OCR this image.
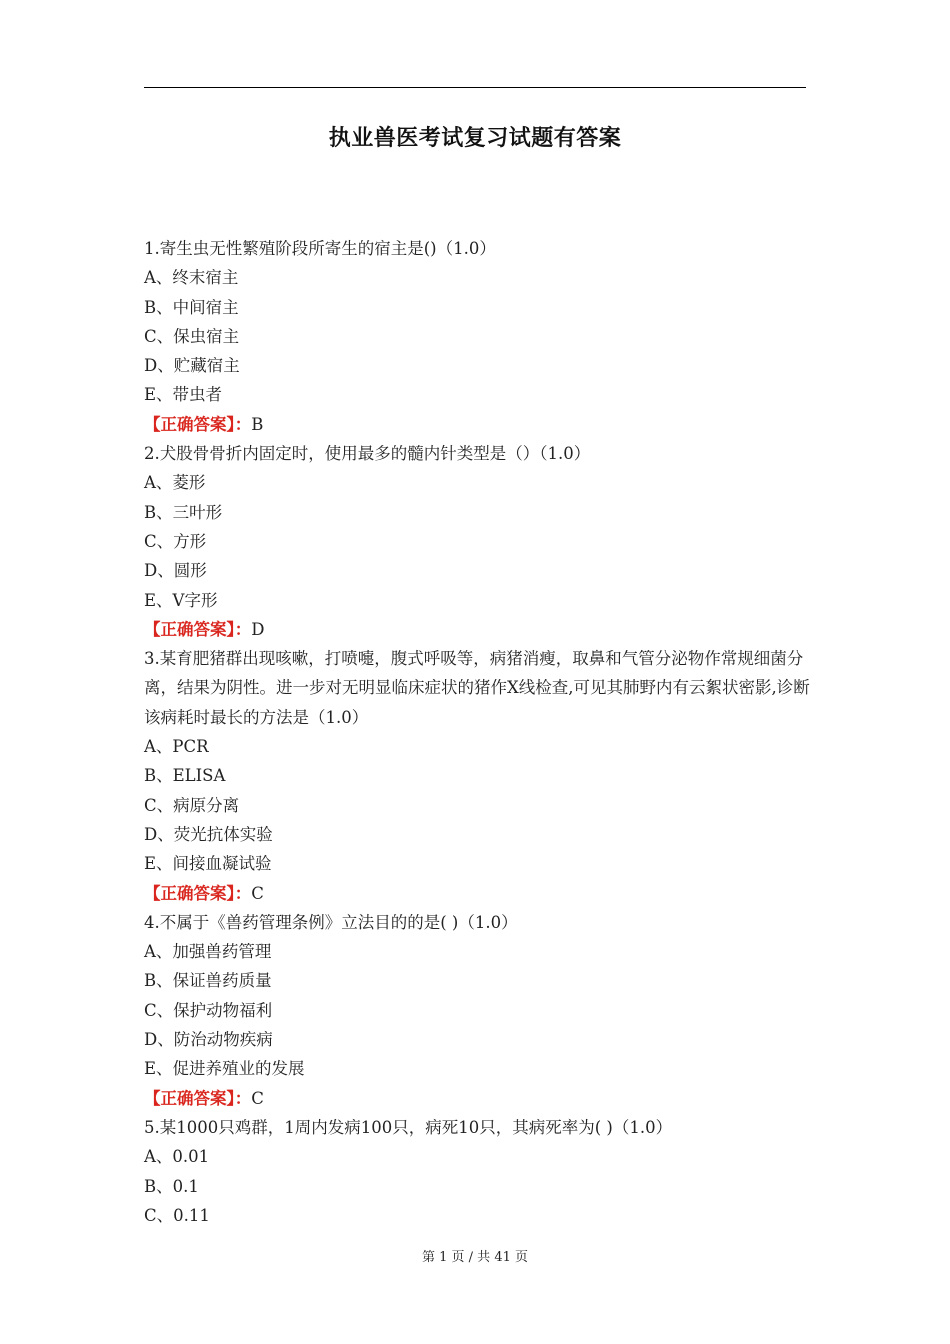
执业兽医考试复习试题有答案
1.寄生虫无性繁殖阶段所寄生的宿主是()（1.0）
A、终末宿主
B、中间宿主
C、保虫宿主
D、贮藏宿主
E、带虫者
【正确答案】：B
2.犬股骨骨折内固定时，使用最多的髓内针类型是（）（1.0）
A、菱形
B、三叶形
C、方形
D、圆形
E、V字形
【正确答案】：D
3.某育肥猪群出现咳嗽，打喷嚏，腹式呼吸等，病猪消瘦，取鼻和气管分泌物作常规细菌分离，结果为阴性。进一步对无明显临床症状的猪作X线检查,可见其肺野内有云絮状密影,诊断该病耗时最长的方法是（1.0）
A、PCR
B、ELISA
C、病原分离
D、荧光抗体实验
E、间接血凝试验
【正确答案】：C
4.不属于《兽药管理条例》立法目的的是( )（1.0）
A、加强兽药管理
B、保证兽药质量
C、保护动物福利
D、防治动物疾病
E、促进养殖业的发展
【正确答案】：C
5.某1000只鸡群，1周内发病100只，病死10只，其病死率为( )（1.0）
A、0.01
B、0.1
C、0.11
第 1 页 / 共 41 页
